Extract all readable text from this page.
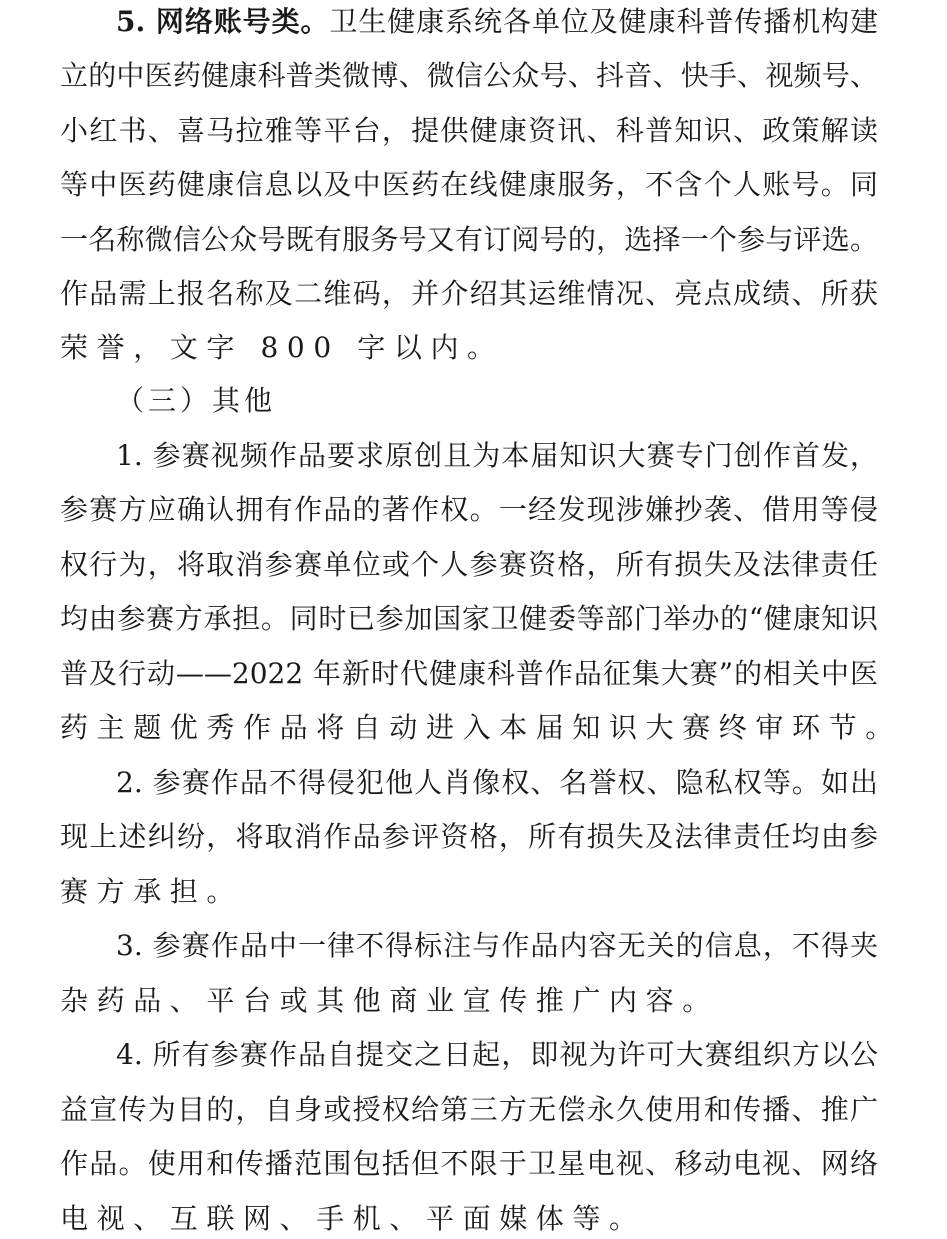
5. 网络账号类。卫生健康系统各单位及健康科普传播机构建
立的中医药健康科普类微博、微信公众号、抖音、快手、视频号、
小红书、喜马拉雅等平台，提供健康资讯、科普知识、政策解读
等中医药健康信息以及中医药在线健康服务，不含个人账号。同
一名称微信公众号既有服务号又有订阅号的，选择一个参与评选。
作品需上报名称及二维码，并介绍其运维情况、亮点成绩、所获
荣誉，文字 800 字以内。
（三）其他
1. 参赛视频作品要求原创且为本届知识大赛专门创作首发，
参赛方应确认拥有作品的著作权。一经发现涉嫌抄袭、借用等侵
权行为，将取消参赛单位或个人参赛资格，所有损失及法律责任
均由参赛方承担。同时已参加国家卫健委等部门举办的“健康知识
普及行动——2022 年新时代健康科普作品征集大赛”的相关中医
药主题优秀作品将自动进入本届知识大赛终审环节。
2. 参赛作品不得侵犯他人肖像权、名誉权、隐私权等。如出
现上述纠纷，将取消作品参评资格，所有损失及法律责任均由参
赛方承担。
3. 参赛作品中一律不得标注与作品内容无关的信息，不得夹
杂药品、平台或其他商业宣传推广内容。
4. 所有参赛作品自提交之日起，即视为许可大赛组织方以公
益宣传为目的，自身或授权给第三方无偿永久使用和传播、推广
作品。使用和传播范围包括但不限于卫星电视、移动电视、网络
电视、互联网、手机、平面媒体等。
